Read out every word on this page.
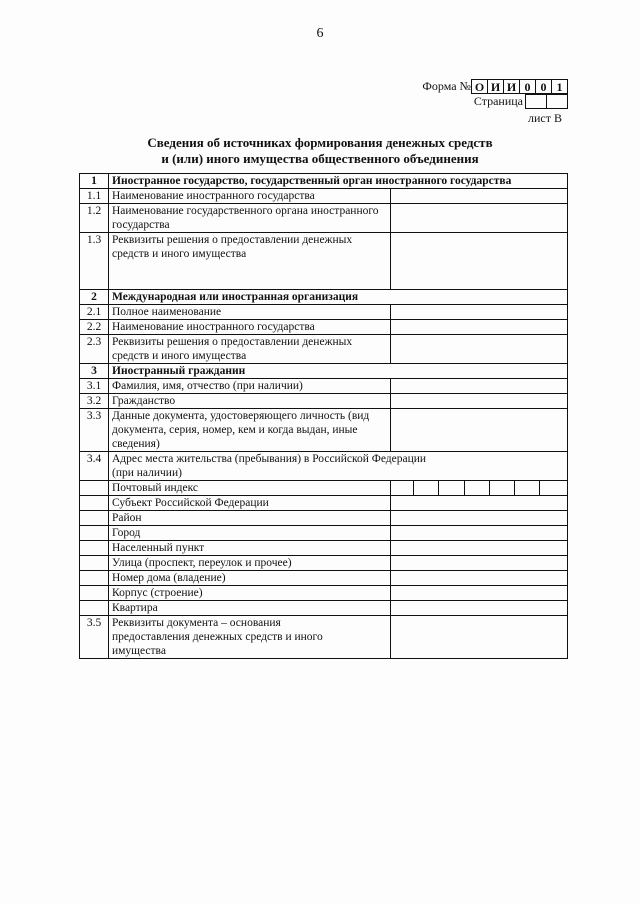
6
Форма № О И И 0 0 1
Страница
лист В
Сведения об источниках формирования денежных средств
и (или) иного имущества общественного объединения
1	Иностранное государство, государственный орган иностранного государства	
1.1	Наименование иностранного государства	
1.2	Наименование государственного органа иностранного государства	
1.3	Реквизиты решения о предоставлении денежных средств и иного имущества	
2	Международная или иностранная организация	
2.1	Полное наименование	
2.2	Наименование иностранного государства	
2.3	Реквизиты решения о предоставлении денежных средств и иного имущества	
3	Иностранный гражданин	
3.1	Фамилия, имя, отчество (при наличии)	
3.2	Гражданство	
3.3	Данные документа, удостоверяющего личность (вид документа, серия, номер, кем и когда выдан, иные сведения)	
3.4	Адрес места жительства (пребывания) в Российской Федерации (при наличии)	
	Почтовый индекс	

	Субъект Российской Федерации	
	Район	
	Город	
	Населенный пункт	
	Улица (проспект, переулок и прочее)	
	Номер дома (владение)	
	Корпус (строение)	
	Квартира	
3.5	Реквизиты документа – основания предоставления денежных средств и иного имущества	
